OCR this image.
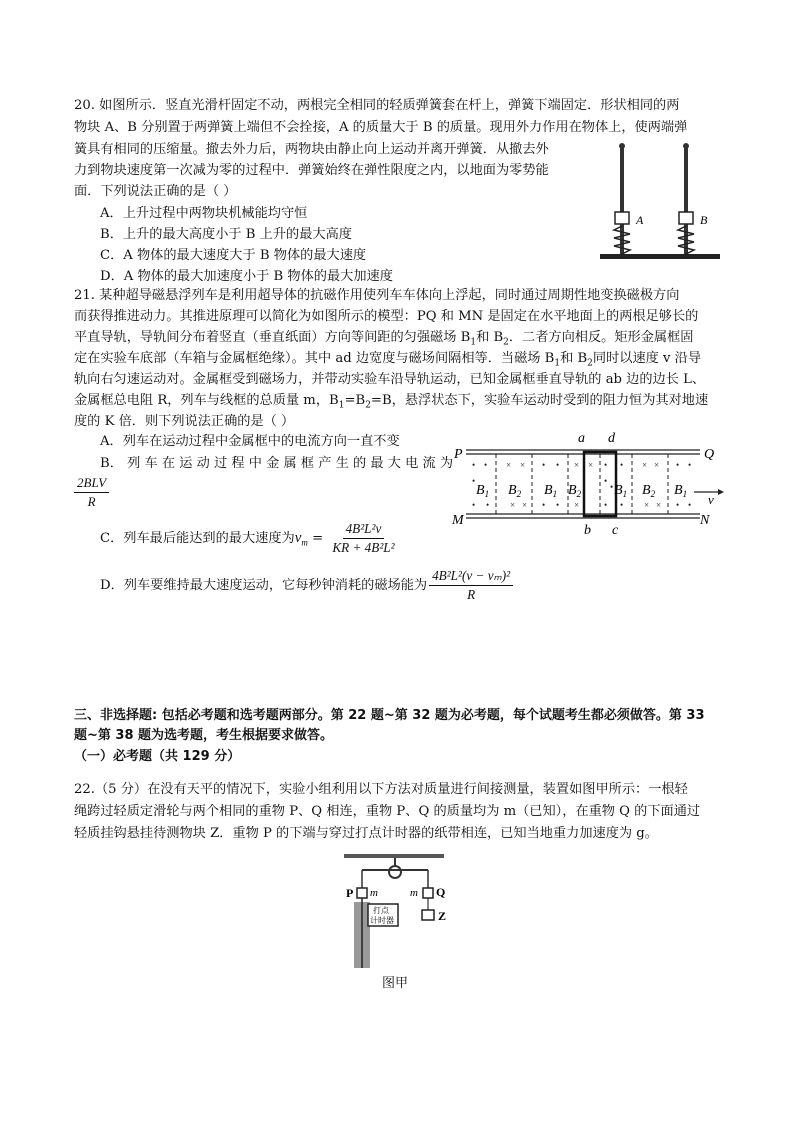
20. 如图所示．竖直光滑杆固定不动，两根完全相同的轻质弹簧套在杆上，弹簧下端固定．形状相同的两
物块 A、B 分别置于两弹簧上端但不会拴接，A 的质量大于 B 的质量。现用外力作用在物体上，使两端弹
簧具有相同的压缩量。撤去外力后，两物块由静止向上运动并离开弹簧．从撤去外
力到物块速度第一次减为零的过程中．弹簧始终在弹性限度之内，以地面为零势能
面．下列说法正确的是（ ）
A．上升过程中两物块机械能均守恒
B．上升的最大高度小于 B 上升的最大高度
C．A 物体的最大速度大于 B 物体的最大速度
D．A 物体的最大加速度小于 B 物体的最大加速度
A	B
21. 某种超导磁悬浮列车是利用超导体的抗磁作用使列车车体向上浮起，同时通过周期性地变换磁极方向
而获得推进动力。其推进原理可以简化为如图所示的模型：PQ 和 MN 是固定在水平地面上的两根足够长的
平直导轨，导轨间分布着竖直（垂直纸面）方向等间距的匀强磁场 $B_1$和 $B_2$．二者方向相反。矩形金属框固
定在实验车底部（车箱与金属框绝缘）。其中 ad 边宽度与磁场间隔相等．当磁场 $B_1$和 $B_2$同时以速度 v 沿导
轨向右匀速运动对。金属框受到磁场力，并带动实验车沿导轨运动，已知金属框垂直导轨的 ab 边的边长 L、
金属框总电阻 R，列车与线框的总质量 m，$B_1=B_2=B$，悬浮状态下，实验车运动时受到的阻力恒为其对地速
度的 K 倍．则下列说法正确的是（ ）
A．列车在运动过程中金属框中的电流方向一直不变
B． 列 车 在 运 动 过 程 中 金 属 框 产 生 的 最 大 电 流 为
$\frac{\text{2BLV}}{R}$
C．列车最后能达到的最大速度为$v_m = \frac{\text{4B²L²v}}{\text{KR + 4B²L²}}$
D．列车要维持最大速度运动，它每秒钟消耗的磁场能为 $\frac{\text{4B²L²(v − vₘ)²}}{R}$
a d
P	Q
M	N
b c
• •
•
• •
× ×
× ×
• •
• •
×
×
× •
•
•
•
•
•
× ×
× ×
• •
• •
$B_1$ $B_2$ $B_1$ $B_2$ $B_1$ $B_2$ $B_1$ v
三、非选择题: 包括必考题和选考题两部分。第 22 题~第 32 题为必考题，每个试题考生都必须做答。第 33
题~第 38 题为选考题，考生根据要求做答。
（一）必考题（共 129 分）
22.（5 分）在没有天平的情况下，实验小组利用以下方法对质量进行间接测量，装置如图甲所示：一根轻
绳跨过轻质定滑轮与两个相同的重物 P、Q 相连，重物 P、Q 的质量均为 m（已知），在重物 Q 的下面通过
轻质挂钩悬挂待测物块 Z．重物 P 的下端与穿过打点计时器的纸带相连，已知当地重力加速度为 g。
P m	m Q
Z
打点
计时器
图甲
